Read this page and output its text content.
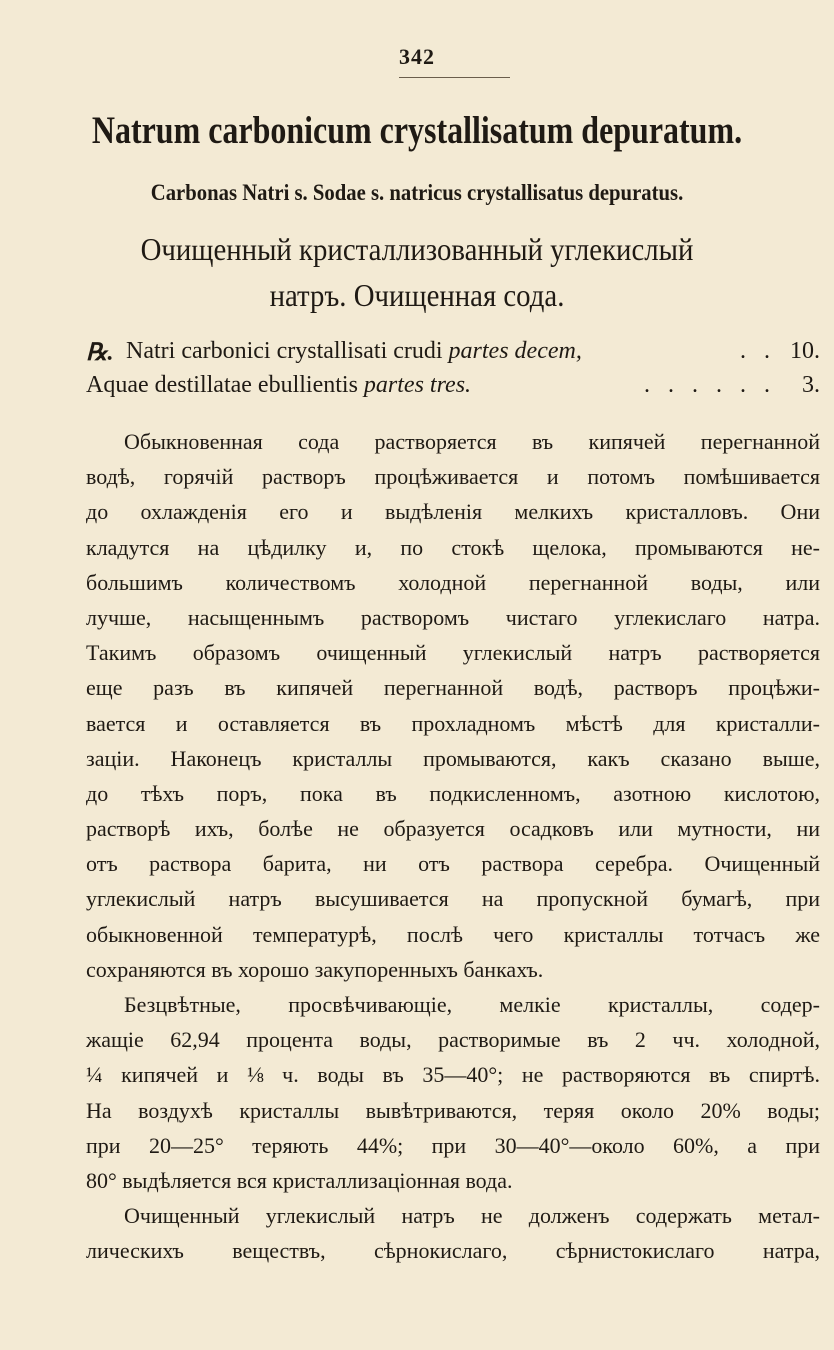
342
Natrum carbonicum crystallisatum depuratum.
Carbonas Natri s. Sodae s. natricus crystallisatus depuratus.
Очищенный кристаллизованный углекислый
натръ. Очищенная сода.
℞. Natri carbonici crystallisati crudi partes decem,	. . 10.
Aquae destillatae ebullientis partes tres.	. . . . . . 3.
Обыкновенная сода растворяется въ кипячей перегнанной
водѣ, горячій растворъ процѣживается и потомъ помѣшивается
до охлажденія его и выдѣленія мелкихъ кристалловъ. Они
кладутся на цѣдилку и, по стокѣ щелока, промываются не-
большимъ количествомъ холодной перегнанной воды, или
лучше, насыщеннымъ растворомъ чистаго углекислаго натра.
Такимъ образомъ очищенный углекислый натръ растворяется
еще разъ въ кипячей перегнанной водѣ, растворъ процѣжи-
вается и оставляется въ прохладномъ мѣстѣ для кристалли-
заціи. Наконецъ кристаллы промываются, какъ сказано выше,
до тѣхъ поръ, пока въ подкисленномъ, азотною кислотою,
растворѣ ихъ, болѣе не образуется осадковъ или мутности, ни
отъ раствора барита, ни отъ раствора серебра. Очищенный
углекислый натръ высушивается на пропускной бумагѣ, при
обыкновенной температурѣ, послѣ чего кристаллы тотчасъ же
сохраняются въ хорошо закупоренныхъ банкахъ.
Безцвѣтные, просвѣчивающіе, мелкіе кристаллы, содер-
жащіе 62,94 процента воды, растворимые въ 2 чч. холодной,
¼ кипячей и ⅛ ч. воды въ 35—40°; не растворяются въ спиртѣ.
На воздухѣ кристаллы вывѣтриваются, теряя около 20% воды;
при 20—25° теряють 44%; при 30—40°—около 60%, а при
80° выдѣляется вся кристаллизаціонная вода.
Очищенный углекислый натръ не долженъ содержать метал-
лическихъ веществъ, сѣрнокислаго, сѣрнистокислаго натра,
